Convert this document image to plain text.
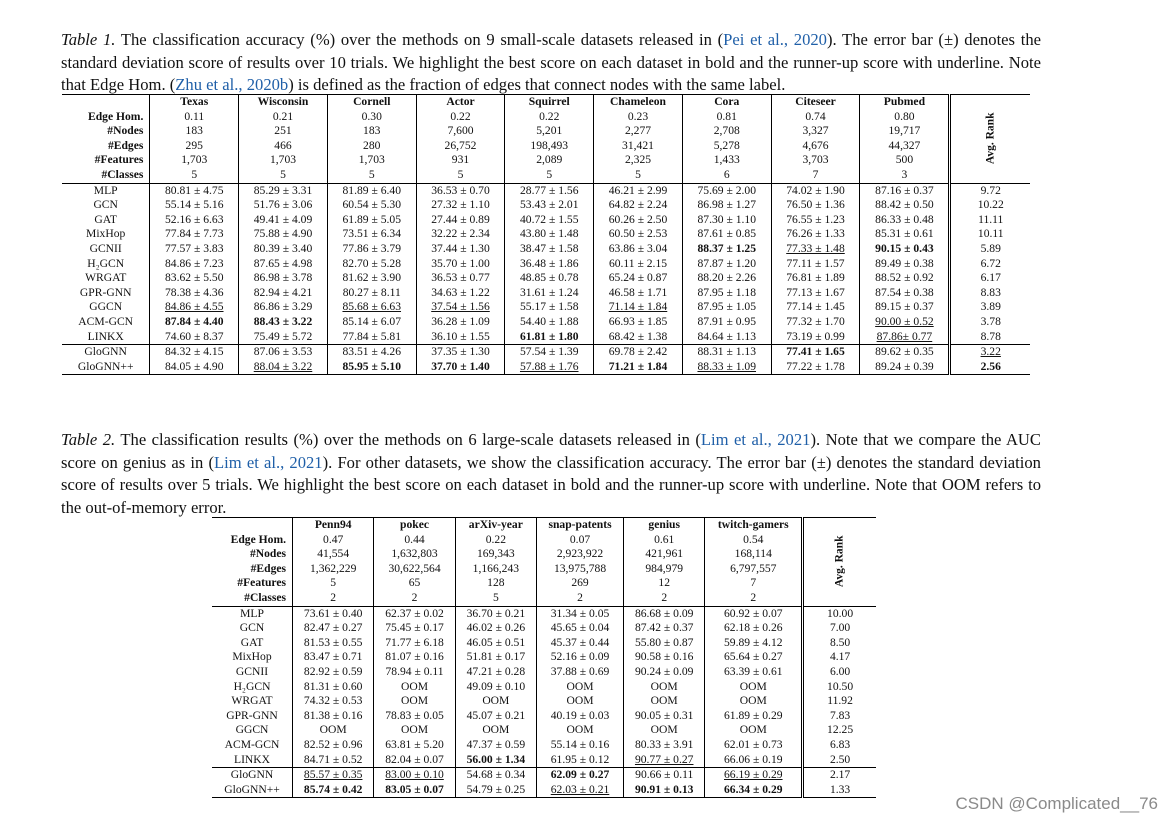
Table 1. The classification accuracy (%) over the methods on 9 small-scale datasets released in (Pei et al., 2020). The error bar (±) denotes the standard deviation score of results over 10 trials. We highlight the best score on each dataset in bold and the runner-up score with underline. Note that Edge Hom. (Zhu et al., 2020b) is defined as the fraction of edges that connect nodes with the same label.
	Texas	Wisconsin	Cornell	Actor	Squirrel	Chameleon	Cora	Citeseer	Pubmed	Avg. Rank
Edge Hom.	0.11	0.21	0.30	0.22	0.22	0.23	0.81	0.74	0.80	
#Nodes	183	251	183	7,600	5,201	2,277	2,708	3,327	19,717	
#Edges	295	466	280	26,752	198,493	31,421	5,278	4,676	44,327	
#Features	1,703	1,703	1,703	931	2,089	2,325	1,433	3,703	500	
#Classes	5	5	5	5	5	5	6	7	3	
MLP	80.81 ± 4.75	85.29 ± 3.31	81.89 ± 6.40	36.53 ± 0.70	28.77 ± 1.56	46.21 ± 2.99	75.69 ± 2.00	74.02 ± 1.90	87.16 ± 0.37	9.72
GCN	55.14 ± 5.16	51.76 ± 3.06	60.54 ± 5.30	27.32 ± 1.10	53.43 ± 2.01	64.82 ± 2.24	86.98 ± 1.27	76.50 ± 1.36	88.42 ± 0.50	10.22
GAT	52.16 ± 6.63	49.41 ± 4.09	61.89 ± 5.05	27.44 ± 0.89	40.72 ± 1.55	60.26 ± 2.50	87.30 ± 1.10	76.55 ± 1.23	86.33 ± 0.48	11.11
MixHop	77.84 ± 7.73	75.88 ± 4.90	73.51 ± 6.34	32.22 ± 2.34	43.80 ± 1.48	60.50 ± 2.53	87.61 ± 0.85	76.26 ± 1.33	85.31 ± 0.61	10.11
GCNII	77.57 ± 3.83	80.39 ± 3.40	77.86 ± 3.79	37.44 ± 1.30	38.47 ± 1.58	63.86 ± 3.04	88.37 ± 1.25	77.33 ± 1.48	90.15 ± 0.43	5.89
H₂GCN	84.86 ± 7.23	87.65 ± 4.98	82.70 ± 5.28	35.70 ± 1.00	36.48 ± 1.86	60.11 ± 2.15	87.87 ± 1.20	77.11 ± 1.57	89.49 ± 0.38	6.72
WRGAT	83.62 ± 5.50	86.98 ± 3.78	81.62 ± 3.90	36.53 ± 0.77	48.85 ± 0.78	65.24 ± 0.87	88.20 ± 2.26	76.81 ± 1.89	88.52 ± 0.92	6.17
GPR-GNN	78.38 ± 4.36	82.94 ± 4.21	80.27 ± 8.11	34.63 ± 1.22	31.61 ± 1.24	46.58 ± 1.71	87.95 ± 1.18	77.13 ± 1.67	87.54 ± 0.38	8.83
GGCN	84.86 ± 4.55	86.86 ± 3.29	85.68 ± 6.63	37.54 ± 1.56	55.17 ± 1.58	71.14 ± 1.84	87.95 ± 1.05	77.14 ± 1.45	89.15 ± 0.37	3.89
ACM-GCN	87.84 ± 4.40	88.43 ± 3.22	85.14 ± 6.07	36.28 ± 1.09	54.40 ± 1.88	66.93 ± 1.85	87.91 ± 0.95	77.32 ± 1.70	90.00 ± 0.52	3.78
LINKX	74.60 ± 8.37	75.49 ± 5.72	77.84 ± 5.81	36.10 ± 1.55	61.81 ± 1.80	68.42 ± 1.38	84.64 ± 1.13	73.19 ± 0.99	87.86± 0.77	8.78
GloGNN	84.32 ± 4.15	87.06 ± 3.53	83.51 ± 4.26	37.35 ± 1.30	57.54 ± 1.39	69.78 ± 2.42	88.31 ± 1.13	77.41 ± 1.65	89.62 ± 0.35	3.22
GloGNN++	84.05 ± 4.90	88.04 ± 3.22	85.95 ± 5.10	37.70 ± 1.40	57.88 ± 1.76	71.21 ± 1.84	88.33 ± 1.09	77.22 ± 1.78	89.24 ± 0.39	2.56
Table 2. The classification results (%) over the methods on 6 large-scale datasets released in (Lim et al., 2021). Note that we compare the AUC score on genius as in (Lim et al., 2021). For other datasets, we show the classification accuracy. The error bar (±) denotes the standard deviation score of results over 5 trials. We highlight the best score on each dataset in bold and the runner-up score with underline. Note that OOM refers to the out-of-memory error.
	Penn94	pokec	arXiv-year	snap-patents	genius	twitch-gamers	Avg. Rank
Edge Hom.	0.47	0.44	0.22	0.07	0.61	0.54	
#Nodes	41,554	1,632,803	169,343	2,923,922	421,961	168,114	
#Edges	1,362,229	30,622,564	1,166,243	13,975,788	984,979	6,797,557	
#Features	5	65	128	269	12	7	
#Classes	2	2	5	2	2	2	
MLP	73.61 ± 0.40	62.37 ± 0.02	36.70 ± 0.21	31.34 ± 0.05	86.68 ± 0.09	60.92 ± 0.07	10.00
GCN	82.47 ± 0.27	75.45 ± 0.17	46.02 ± 0.26	45.65 ± 0.04	87.42 ± 0.37	62.18 ± 0.26	7.00
GAT	81.53 ± 0.55	71.77 ± 6.18	46.05 ± 0.51	45.37 ± 0.44	55.80 ± 0.87	59.89 ± 4.12	8.50
MixHop	83.47 ± 0.71	81.07 ± 0.16	51.81 ± 0.17	52.16 ± 0.09	90.58 ± 0.16	65.64 ± 0.27	4.17
GCNII	82.92 ± 0.59	78.94 ± 0.11	47.21 ± 0.28	37.88 ± 0.69	90.24 ± 0.09	63.39 ± 0.61	6.00
H₂GCN	81.31 ± 0.60	OOM	49.09 ± 0.10	OOM	OOM	OOM	10.50
WRGAT	74.32 ± 0.53	OOM	OOM	OOM	OOM	OOM	11.92
GPR-GNN	81.38 ± 0.16	78.83 ± 0.05	45.07 ± 0.21	40.19 ± 0.03	90.05 ± 0.31	61.89 ± 0.29	7.83
GGCN	OOM	OOM	OOM	OOM	OOM	OOM	12.25
ACM-GCN	82.52 ± 0.96	63.81 ± 5.20	47.37 ± 0.59	55.14 ± 0.16	80.33 ± 3.91	62.01 ± 0.73	6.83
LINKX	84.71 ± 0.52	82.04 ± 0.07	56.00 ± 1.34	61.95 ± 0.12	90.77 ± 0.27	66.06 ± 0.19	2.50
GloGNN	85.57 ± 0.35	83.00 ± 0.10	54.68 ± 0.34	62.09 ± 0.27	90.66 ± 0.11	66.19 ± 0.29	2.17
GloGNN++	85.74 ± 0.42	83.05 ± 0.07	54.79 ± 0.25	62.03 ± 0.21	90.91 ± 0.13	66.34 ± 0.29	1.33
CSDN @Complicated__76
